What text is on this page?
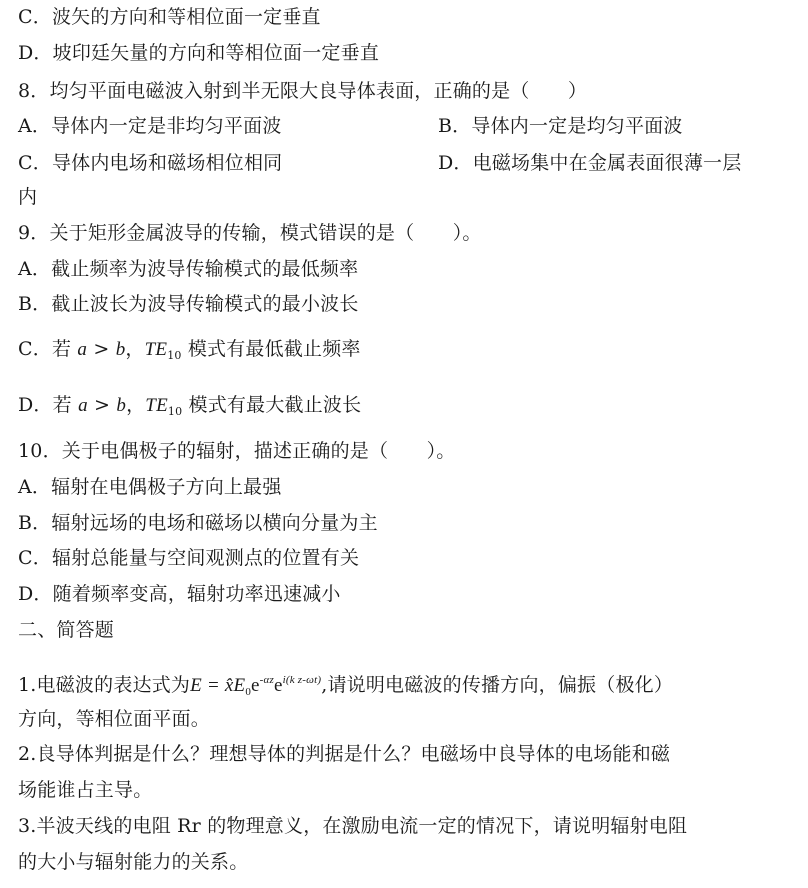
C．波矢的方向和等相位面一定垂直
D．坡印廷矢量的方向和等相位面一定垂直
8．均匀平面电磁波入射到半无限大良导体表面，正确的是（　　）
A．导体内一定是非均匀平面波	B．导体内一定是均匀平面波
C．导体内电场和磁场相位相同	D．电磁场集中在金属表面很薄一层
内
9．关于矩形金属波导的传输，模式错误的是（　　）。
A．截止频率为波导传输模式的最低频率
B．截止波长为波导传输模式的最小波长
C．若 a > b，$TE_{10}$ 模式有最低截止频率
D．若 a > b，$TE_{10}$ 模式有最大截止波长
10．关于电偶极子的辐射，描述正确的是（　　）。
A．辐射在电偶极子方向上最强
B．辐射远场的电场和磁场以横向分量为主
C．辐射总能量与空间观测点的位置有关
D．随着频率变高，辐射功率迅速减小
二、简答题
1.电磁波的表达式为$E = x̂E_0e^{-\alpha z}e^{i(k z-\omega t)}$,请说明电磁波的传播方向，偏振（极化）
方向，等相位面平面。
2.良导体判据是什么？理想导体的判据是什么？电磁场中良导体的电场能和磁
场能谁占主导。
3.半波天线的电阻 Rr 的物理意义，在激励电流一定的情况下，请说明辐射电阻
的大小与辐射能力的关系。
